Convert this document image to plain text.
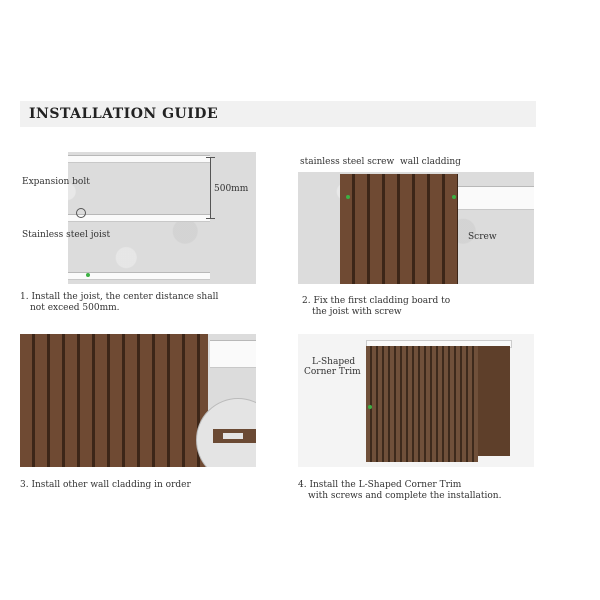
INSTALLATION GUIDE
Expansion bolt
500mm
Stainless steel joist
1. Install the joist, the center distance shall
not exceed 500mm.
stainless steel screw wall cladding
Screw
2. Fix the first cladding board to
the joist with screw
3. Install other wall cladding in order
L-Shaped
Corner Trim
4. Install the L-Shaped Corner Trim
with screws and complete the installation.
